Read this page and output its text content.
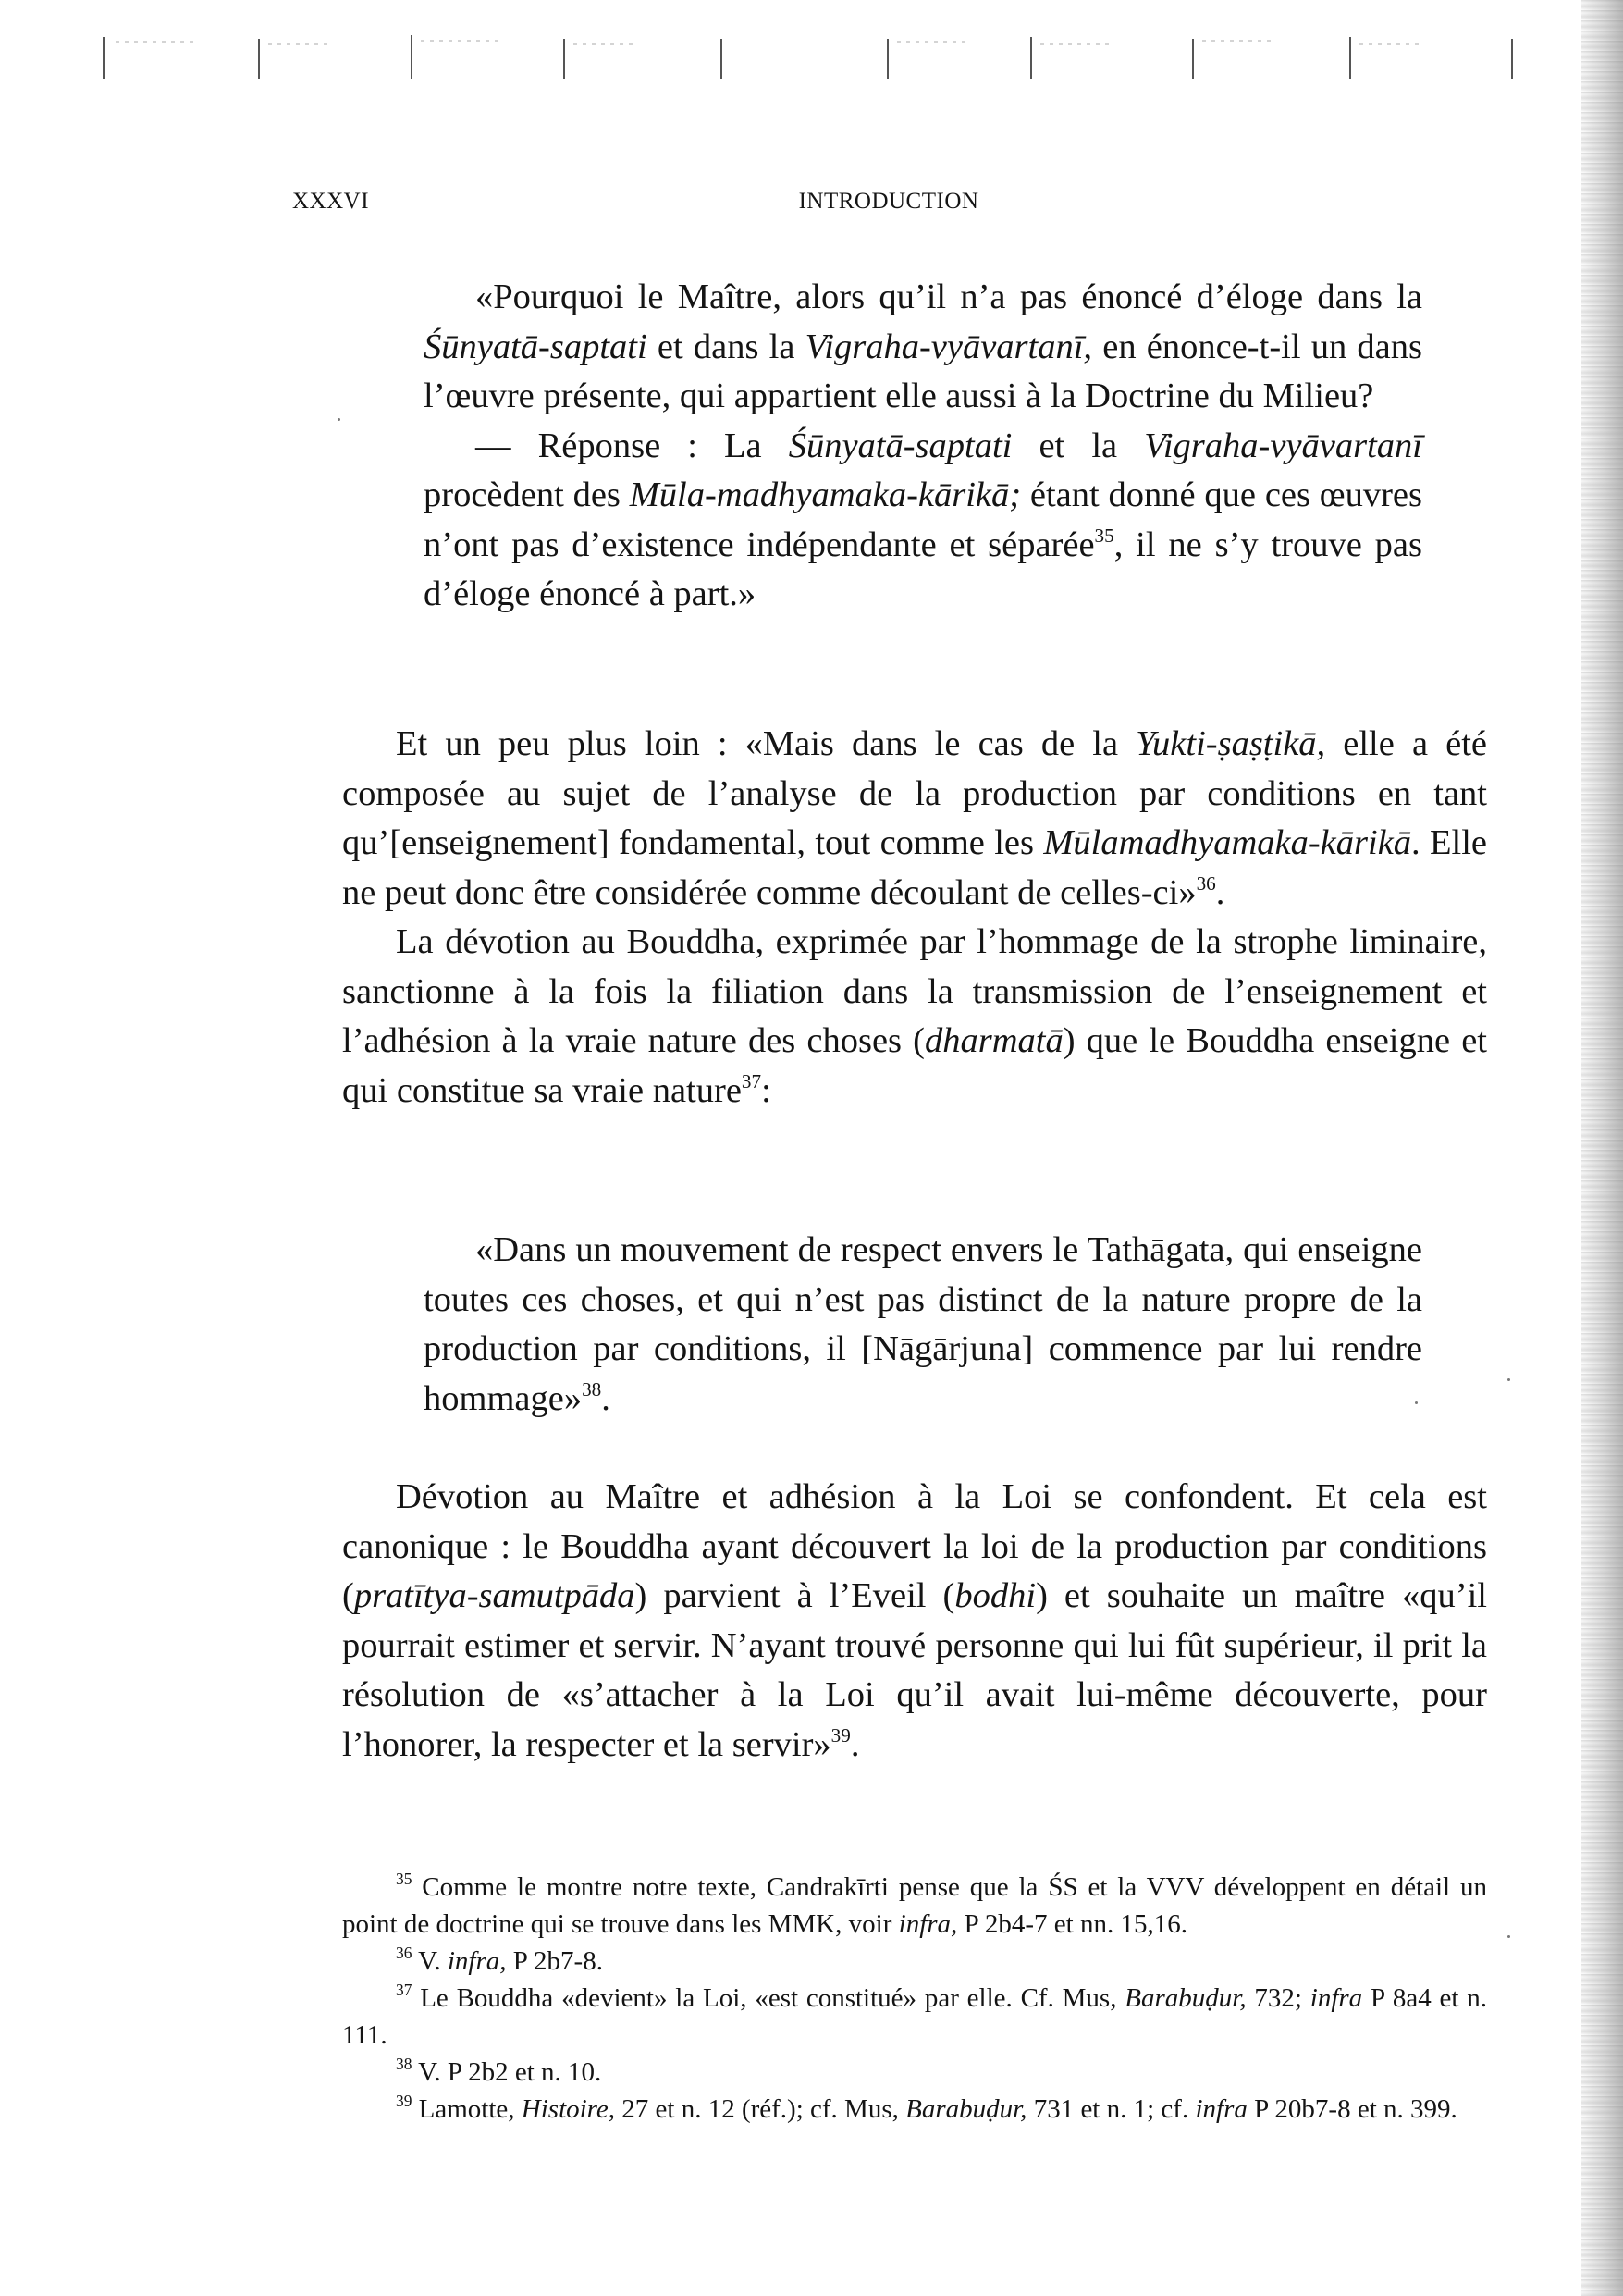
XXXVI	INTRODUCTION

«Pourquoi le Maître, alors qu’il n’a pas énoncé d’éloge dans la Śūnyatā-saptati et dans la Vigraha-vyāvartanī, en énonce-t-il un dans l’œuvre présente, qui appartient elle aussi à la Doctrine du Milieu?

— Réponse : La Śūnyatā-saptati et la Vigraha-vyāvartanī procèdent des Mūla-madhyamaka-kārikā; étant donné que ces œuvres n’ont pas d’existence indépendante et séparée$^{35}$, il ne s’y trouve pas d’éloge énoncé à part.»

Et un peu plus loin : «Mais dans le cas de la Yukti-ṣaṣṭikā, elle a été composée au sujet de l’analyse de la production par conditions en tant qu’[enseignement] fondamental, tout comme les Mūlamadhyamaka-kārikā. Elle ne peut donc être considérée comme découlant de celles-ci»$^{36}$.

La dévotion au Bouddha, exprimée par l’hommage de la strophe liminaire, sanctionne à la fois la filiation dans la transmission de l’enseignement et l’adhésion à la vraie nature des choses (dharmatā) que le Bouddha enseigne et qui constitue sa vraie nature$^{37}$:

«Dans un mouvement de respect envers le Tathāgata, qui enseigne toutes ces choses, et qui n’est pas distinct de la nature propre de la production par conditions, il [Nāgārjuna] commence par lui rendre hommage»$^{38}$.

Dévotion au Maître et adhésion à la Loi se confondent. Et cela est canonique : le Bouddha ayant découvert la loi de la production par conditions (pratītya-samutpāda) parvient à l’Eveil (bodhi) et souhaite un maître «qu’il pourrait estimer et servir. N’ayant trouvé personne qui lui fût supérieur, il prit la résolution de «s’attacher à la Loi qu’il avait lui-même découverte, pour l’honorer, la respecter et la servir»$^{39}$.

$^{35}$ Comme le montre notre texte, Candrakīrti pense que la ŚS et la VVV développent en détail un point de doctrine qui se trouve dans les MMK, voir infra, P 2b4-7 et nn. 15,16.

$^{36}$ V. infra, P 2b7-8.

$^{37}$ Le Bouddha «devient» la Loi, «est constitué» par elle. Cf. Mus, Barabuḍur, 732; infra P 8a4 et n. 111.

$^{38}$ V. P 2b2 et n. 10.

$^{39}$ Lamotte, Histoire, 27 et n. 12 (réf.); cf. Mus, Barabuḍur, 731 et n. 1; cf. infra P 20b7-8 et n. 399.
